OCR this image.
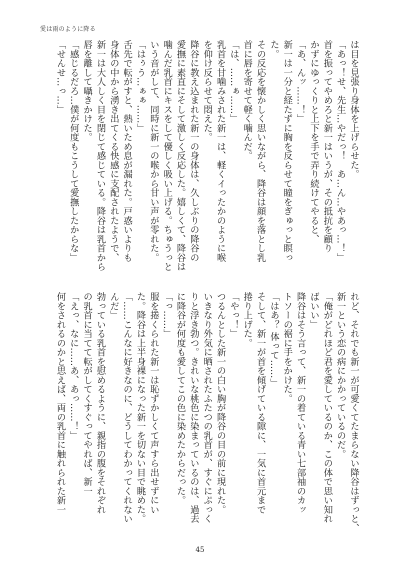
愛は雨のように降る
は目を見張り身体を上げらせた。
「あっ！せ、先生…やだっ！　あ…ん…やあっ…！」
首を振ってやめろと新一はいうが、その抵抗を顧り
かずにゆっくりと上下を手で弄り続けてやると、
「あ、んッ……！」
新一は一分と経たずに胸を反らせて瞳をぎゅっと瞑っ
た。
その反応を懐かしく思いながら、降谷は顔を落とし乳
首に唇を寄せて軽く噛んだ。
「は、……ぁ……」
乳首を甘噛みされた新一は、軽くイったかのように喉
を仰け反らせて悶えた。
降谷に教え込まれた新一の身体は、久しぶりの降谷の
愛撫に素直にそして激しく反応した。嬉しくて、降谷は
噛んだ乳首にキスをして優しく吸い上げる。ちゅうっと
いう音がして、同時に新一の喉から甘い声が零れた。
「はぅう…ぁぁ……」
舌先で転がすと、熱いため息が漏れた。戸惑いよりも
身体の中から湧き出てくる快感に支配されたようで、
新一は大人しく目を閉じて感じている。降谷は乳首から
唇を離して囁きかけた。
「感じるだろ…僕が何度もこうして愛撫したからな」
「せんせ…っ…」
れど、それでも新一が可愛くてたまらない降谷はずっと、
新一という恋の病にかかっているのだ。
「俺がどれほど君を愛しているのか、この体で思い知れ
ばいい」
降谷はそう言って、新一の着ている青い七部袖のカッ
トソーの裾に手をかけた。
「はあ？ 体って……」
そして、新一が首を傾げている隙に、一気に首元まで
捲り上げた。
「やっ！」
つるんとした新一の白い胸が降谷の目の前に現れた。
いきなり外気に晒されたふたつの乳首が、すぐにぷっく
りと浮き勃つ。きれいな桃色に染まっているのは、過去
に降谷が何度も愛してこの色に染めたからだった。
「っ……」
服を捲くられた新一は恥ずかしくて声すら出せずにい
た。降谷は上半身裸になった新一を切ない目で眺めた。
「……こんなに好きなのに、どうしてわかってくれない
んだ」
勃っている乳首を慰めるように、親指の腹をそれぞれ
の乳首に当てて転がしてくすぐってやれば、新一
「えっ、なに……あ、あっ……！」
何をされるのかと思えば、両の乳首に触れられた新一
45
